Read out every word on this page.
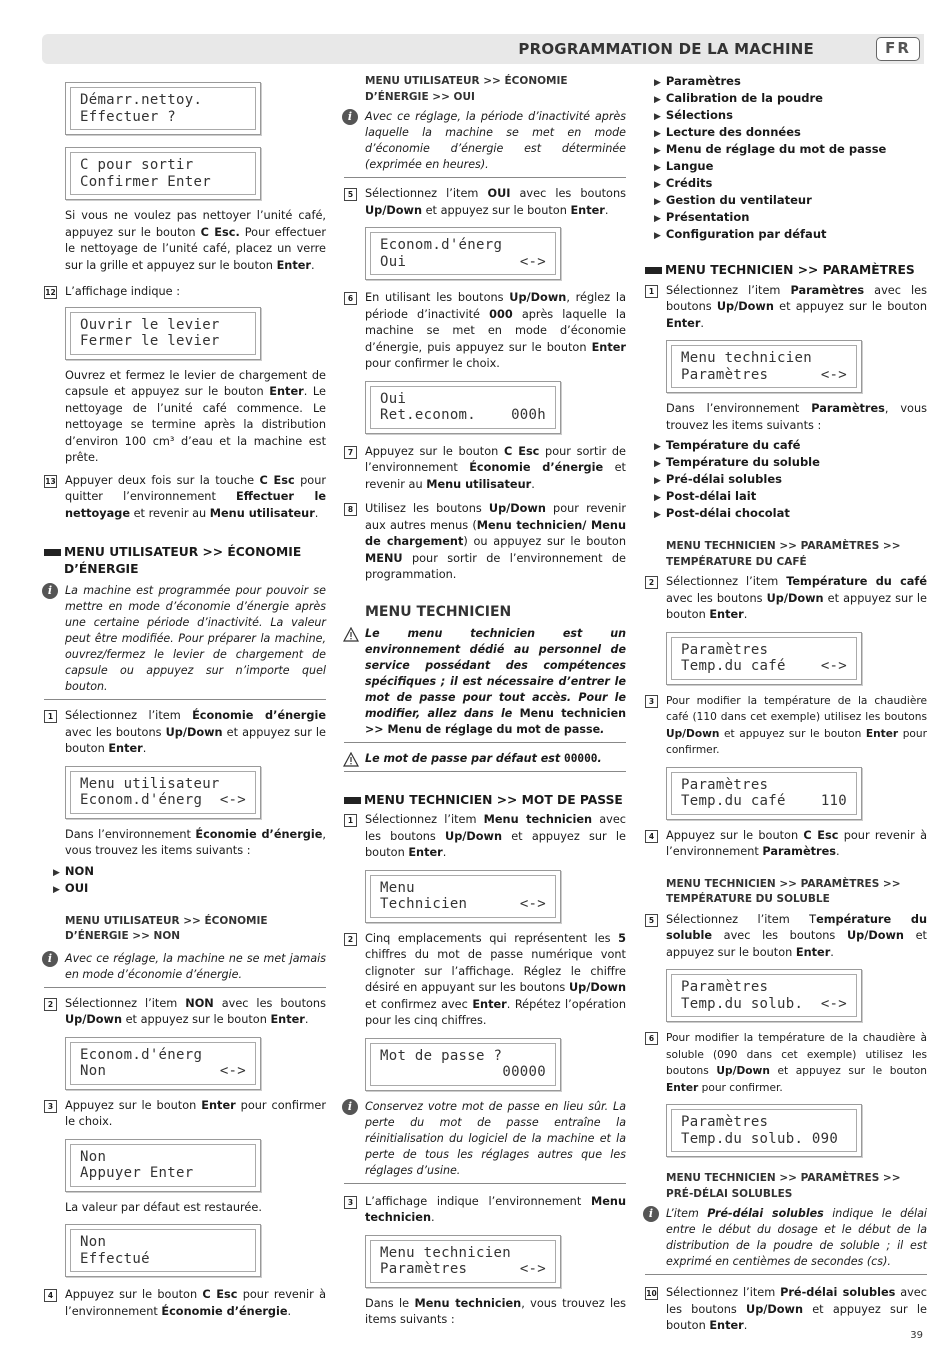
PROGRAMMATION DE LA MACHINE	FR
Démarr.nettoy.
Effectuer ?
C pour sortir
Confirmer Enter
Si vous ne voulez pas nettoyer l’unité café, appuyez sur le bouton C Esc. Pour effectuer le nettoyage de l’unité café, placez un verre sur la grille et appuyez sur le bouton Enter.
12 L’affichage indique :
Ouvrir le levier
Fermer le levier
Ouvrez et fermez le levier de chargement de capsule et appuyez sur le bouton Enter. Le nettoyage de l’unité café commence. Le nettoyage se termine après la distribution d’environ 100 cm³ d’eau et la machine est prête.
13 Appuyer deux fois sur la touche C Esc pour quitter l’environnement Effectuer le nettoyage et revenir au Menu utilisateur.
MENU UTILISATEUR >> ÉCONOMIE D’ÉNERGIE
i	La machine est programmée pour pouvoir se mettre en mode d’économie d’énergie après une certaine période d’inactivité. La valeur peut être modifiée. Pour préparer la machine, ouvrez/fermez le levier de chargement de capsule ou appuyez sur n’importe quel bouton.
1	Sélectionnez l’item Économie d’énergie avec les boutons Up/Down et appuyez sur le bouton Enter.
Menu utilisateur
Econom.d'énerg <->
Dans l’environnement Économie d’énergie, vous trouvez les items suivants :
▶ NON
▶ OUI
MENU UTILISATEUR >> ÉCONOMIE D’ÉNERGIE >> NON
i	Avec ce réglage, la machine ne se met jamais en mode d’économie d’énergie.
2	Sélectionnez l’item NON avec les boutons Up/Down et appuyez sur le bouton Enter.
Econom.d'énerg
Non	<->
3	Appuyez sur le bouton Enter pour confirmer le choix.
Non
Appuyer Enter
La valeur par défaut est restaurée.
Non
Effectué
4	Appuyez sur le bouton C Esc pour revenir à l’environnement Économie d’énergie.
MENU UTILISATEUR >> ÉCONOMIE D’ÉNERGIE >> OUI
i	Avec ce réglage, la période d’inactivité après laquelle la machine se met en mode d’économie d’énergie est déterminée (exprimée en heures).
5	Sélectionnez l’item OUI avec les boutons Up/Down et appuyez sur le bouton Enter.
Econom.d'énerg
Oui	<->
6	En utilisant les boutons Up/Down, réglez la période d’inactivité 000 après laquelle la machine se met en mode d’économie d’énergie, puis appuyez sur le bouton Enter pour confirmer le choix.
Oui
Ret.econom.	000h
7	Appuyez sur le bouton C Esc pour sortir de l’environnement Économie d’énergie et revenir au Menu utilisateur.
8	Utilisez les boutons Up/Down pour revenir aux autres menus (Menu technicien/ Menu de chargement) ou appuyez sur le bouton MENU pour sortir de l’environnement de programmation.
MENU TECHNICIEN
Le menu technicien est un environnement dédié au personnel de service possédant des compétences spécifiques ; il est nécessaire d’entrer le mot de passe pour tout accès. Pour le modifier, allez dans le Menu technicien >> Menu de réglage du mot de passe.
Le mot de passe par défaut est 00000.
MENU TECHNICIEN >> MOT DE PASSE
1	Sélectionnez l’item Menu technicien avec les boutons Up/Down et appuyez sur le bouton Enter.
Menu
Technicien	<->
2	Cinq emplacements qui représentent les 5 chiffres du mot de passe numérique vont clignoter sur l’affichage. Réglez le chiffre désiré en appuyant sur les boutons Up/Down et confirmez avec Enter. Répétez l’opération pour les cinq chiffres.
Mot de passe ?
00000
i	Conservez votre mot de passe en lieu sûr. La perte du mot de passe entraîne la réinitialisation du logiciel de la machine et la perte de tous les réglages autres que les réglages d’usine.
3	L’affichage indique l’environnement Menu technicien.
Menu technicien
Paramètres	<->
Dans le Menu technicien, vous trouvez les items suivants :
▶ Paramètres
▶ Calibration de la poudre
▶ Sélections
▶ Lecture des données
▶ Menu de réglage du mot de passe
▶ Langue
▶ Crédits
▶ Gestion du ventilateur
▶ Présentation
▶ Configuration par défaut
MENU TECHNICIEN >> PARAMÈTRES
1	Sélectionnez l’item Paramètres avec les boutons Up/Down et appuyez sur le bouton Enter.
Menu technicien
Paramètres	<->
Dans l’environnement Paramètres, vous trouvez les items suivants :
▶ Température du café
▶ Température du soluble
▶ Pré-délai solubles
▶ Post-délai lait
▶ Post-délai chocolat
MENU TECHNICIEN >> PARAMÈTRES >> TEMPÉRATURE DU CAFÉ
2	Sélectionnez l’item Température du café avec les boutons Up/Down et appuyez sur le bouton Enter.
Paramètres
Temp.du café	<->
3	Pour modifier la température de la chaudière café (110 dans cet exemple) utilisez les boutons Up/Down et appuyez sur le bouton Enter pour confirmer.
Paramètres
Temp.du café	110
4	Appuyez sur le bouton C Esc pour revenir à l’environnement Paramètres.
MENU TECHNICIEN >> PARAMÈTRES >> TEMPÉRATURE DU SOLUBLE
5	Sélectionnez l’item Température du soluble avec les boutons Up/Down et appuyez sur le bouton Enter.
Paramètres
Temp.du solub. <->
6	Pour modifier la température de la chaudière à soluble (090 dans cet exemple) utilisez les boutons Up/Down et appuyez sur le bouton Enter pour confirmer.
Paramètres
Temp.du solub. 090
MENU TECHNICIEN >> PARAMÈTRES >> PRÉ-DÉLAI SOLUBLES
i	L’item Pré-délai solubles indique le délai entre le début du dosage et le début de la distribution de la poudre de soluble ; il est exprimé en centièmes de secondes (cs).
10 Sélectionnez l’item Pré-délai solubles avec les boutons Up/Down et appuyez sur le bouton Enter.
39
